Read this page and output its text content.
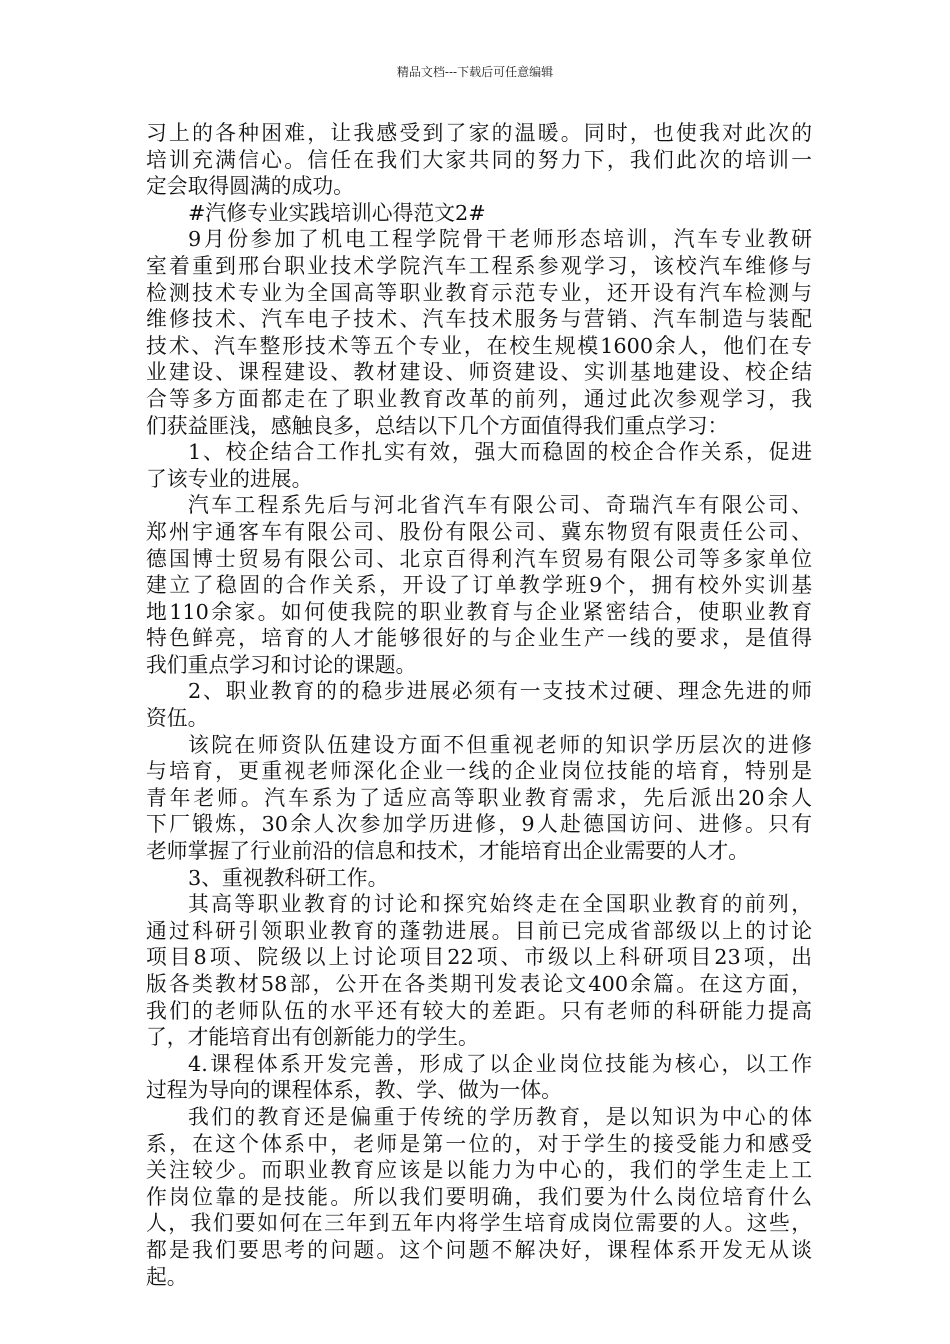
精品文档---下载后可任意编辑
习上的各种困难，让我感受到了家的温暖。同时，也使我对此次的
培训充满信心。信任在我们大家共同的努力下，我们此次的培训一
定会取得圆满的成功。
#汽修专业实践培训心得范文2#
9月份参加了机电工程学院骨干老师形态培训，汽车专业教研
室着重到邢台职业技术学院汽车工程系参观学习，该校汽车维修与
检测技术专业为全国高等职业教育示范专业，还开设有汽车检测与
维修技术、汽车电子技术、汽车技术服务与营销、汽车制造与装配
技术、汽车整形技术等五个专业，在校生规模1600余人，他们在专
业建设、课程建设、教材建设、师资建设、实训基地建设、校企结
合等多方面都走在了职业教育改革的前列，通过此次参观学习，我
们获益匪浅，感触良多，总结以下几个方面值得我们重点学习：
1、校企结合工作扎实有效，强大而稳固的校企合作关系，促进
了该专业的进展。
汽车工程系先后与河北省汽车有限公司、奇瑞汽车有限公司、
郑州宇通客车有限公司、股份有限公司、冀东物贸有限责任公司、
德国博士贸易有限公司、北京百得利汽车贸易有限公司等多家单位
建立了稳固的合作关系，开设了订单教学班9个，拥有校外实训基
地110余家。如何使我院的职业教育与企业紧密结合，使职业教育
特色鲜亮，培育的人才能够很好的与企业生产一线的要求，是值得
我们重点学习和讨论的课题。
2、职业教育的的稳步进展必须有一支技术过硬、理念先进的师
资伍。
该院在师资队伍建设方面不但重视老师的知识学历层次的进修
与培育，更重视老师深化企业一线的企业岗位技能的培育，特别是
青年老师。汽车系为了适应高等职业教育需求，先后派出20余人
下厂锻炼，30余人次参加学历进修，9人赴德国访问、进修。只有
老师掌握了行业前沿的信息和技术，才能培育出企业需要的人才。
3、重视教科研工作。
其高等职业教育的讨论和探究始终走在全国职业教育的前列，
通过科研引领职业教育的蓬勃进展。目前已完成省部级以上的讨论
项目8项、院级以上讨论项目22项、市级以上科研项目23项，出
版各类教材58部，公开在各类期刊发表论文400余篇。在这方面，
我们的老师队伍的水平还有较大的差距。只有老师的科研能力提高
了，才能培育出有创新能力的学生。
4.课程体系开发完善，形成了以企业岗位技能为核心，以工作
过程为导向的课程体系，教、学、做为一体。
我们的教育还是偏重于传统的学历教育，是以知识为中心的体
系，在这个体系中，老师是第一位的，对于学生的接受能力和感受
关注较少。而职业教育应该是以能力为中心的，我们的学生走上工
作岗位靠的是技能。所以我们要明确，我们要为什么岗位培育什么
人，我们要如何在三年到五年内将学生培育成岗位需要的人。这些，
都是我们要思考的问题。这个问题不解决好，课程体系开发无从谈
起。
